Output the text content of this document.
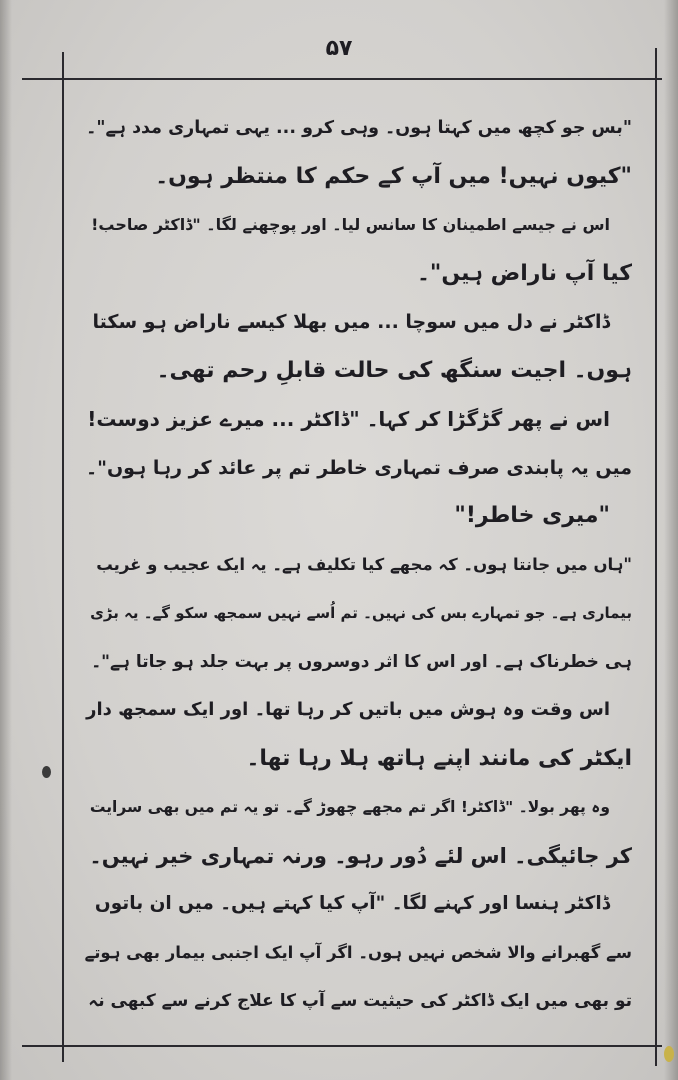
۵۷
"بس جو کچھ میں کہتا ہوں۔ وہی کرو ... یہی تمہاری مدد ہے"۔
"کیوں نہیں! میں آپ کے حکم کا منتظر ہوں۔
اس نے جیسے اطمینان کا سانس لیا۔ اور پوچھنے لگا۔ "ڈاکٹر صاحب!
کیا آپ ناراض ہیں"۔
ڈاکٹر نے دل میں سوچا ... میں بھلا کیسے ناراض ہو سکتا
ہوں۔ اجیت سنگھ کی حالت قابلِ رحم تھی۔
اس نے پھر گڑگڑا کر کہا۔ "ڈاکٹر ... میرے عزیز دوست!
میں یہ پابندی صرف تمہاری خاطر تم پر عائد کر رہا ہوں"۔
"میری خاطر!"
"ہاں میں جانتا ہوں۔ کہ مجھے کیا تکلیف ہے۔ یہ ایک عجیب و غریب
بیماری ہے۔ جو تمہارے بس کی نہیں۔ تم اُسے نہیں سمجھ سکو گے۔ یہ بڑی
ہی خطرناک ہے۔ اور اس کا اثر دوسروں پر بہت جلد ہو جاتا ہے"۔
اس وقت وہ ہوش میں باتیں کر رہا تھا۔ اور ایک سمجھ دار
ایکٹر کی مانند اپنے ہاتھ ہلا رہا تھا۔
وہ پھر بولا۔ "ڈاکٹر! اگر تم مجھے چھوڑ گے۔ تو یہ تم میں بھی سرایت
کر جائیگی۔ اس لئے دُور رہو۔ ورنہ تمہاری خیر نہیں۔
ڈاکٹر ہنسا اور کہنے لگا۔ "آپ کیا کہتے ہیں۔ میں ان باتوں
سے گھبرانے والا شخص نہیں ہوں۔ اگر آپ ایک اجنبی بیمار بھی ہوتے
تو بھی میں ایک ڈاکٹر کی حیثیت سے آپ کا علاج کرنے سے کبھی نہ
